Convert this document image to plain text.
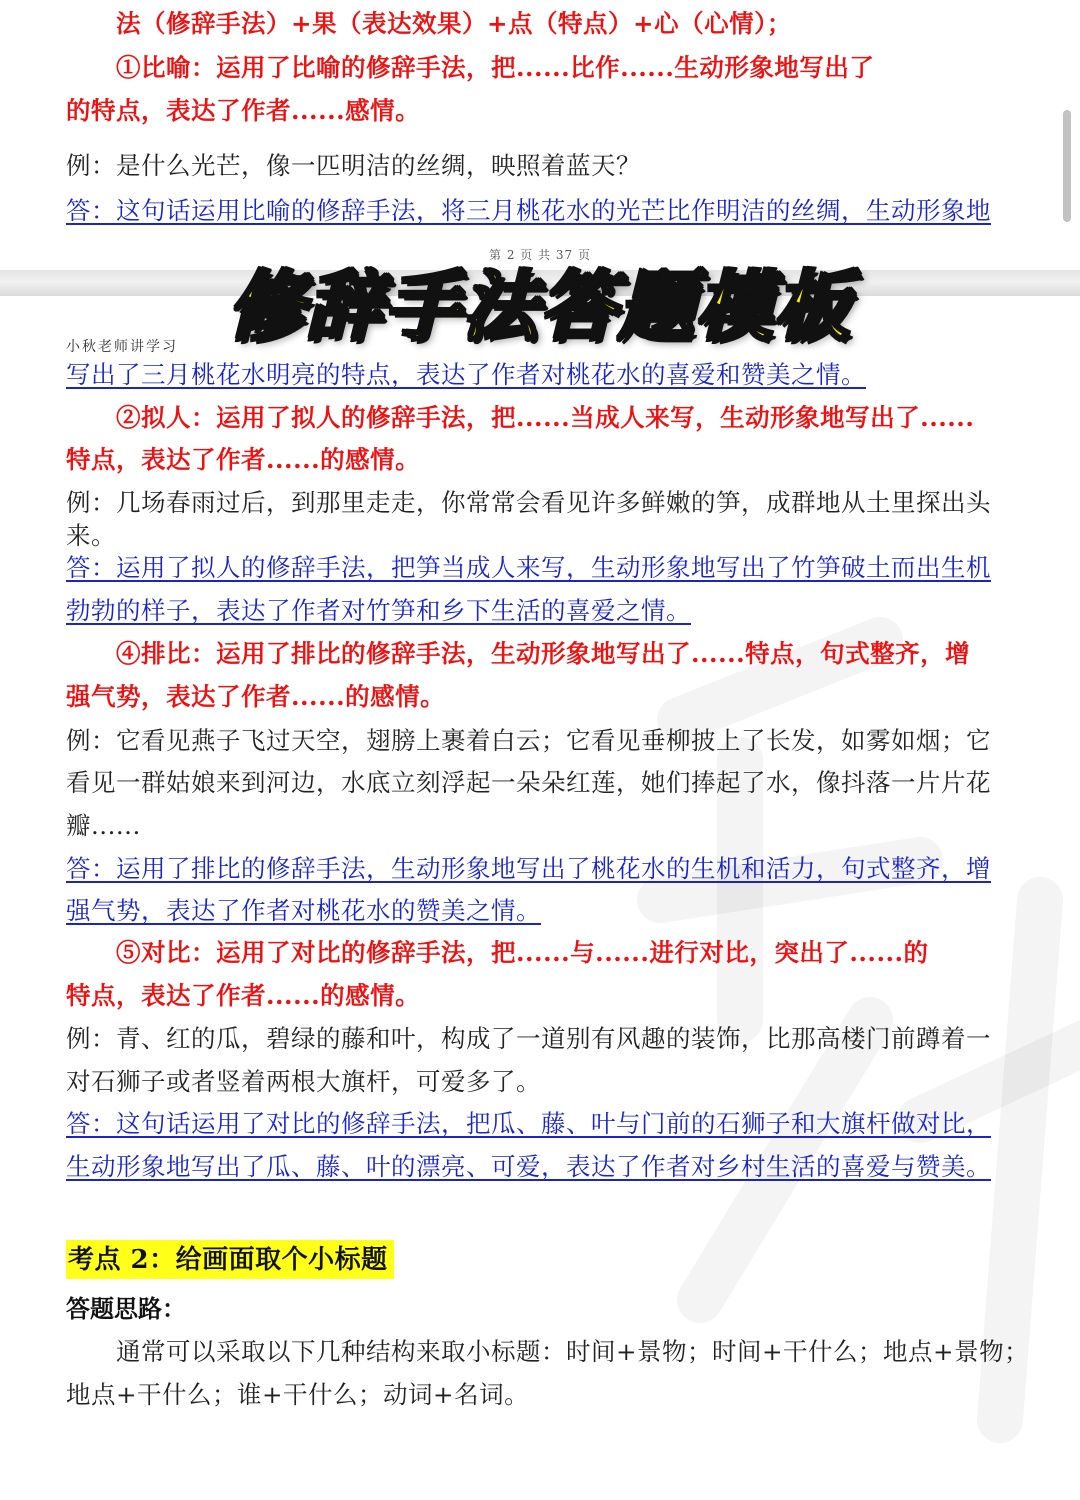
法（修辞手法）+果（表达效果）+点（特点）+心（心情）；
①比喻：运用了比喻的修辞手法，把......比作......生动形象地写出了
的特点，表达了作者......感情。
例：是什么光芒，像一匹明洁的丝绸，映照着蓝天？
答：这句话运用比喻的修辞手法，将三月桃花水的光芒比作明洁的丝绸，生动形象地
第 2 页 共 37 页
修辞手法答题模板
小秋老师讲学习
写出了三月桃花水明亮的特点，表达了作者对桃花水的喜爱和赞美之情。
②拟人：运用了拟人的修辞手法，把......当成人来写，生动形象地写出了......
特点，表达了作者......的感情。
例：几场春雨过后，到那里走走，你常常会看见许多鲜嫩的笋，成群地从土里探出头
来。
答：运用了拟人的修辞手法，把笋当成人来写，生动形象地写出了竹笋破土而出生机
勃勃的样子，表达了作者对竹笋和乡下生活的喜爱之情。
④排比：运用了排比的修辞手法，生动形象地写出了......特点，句式整齐，增
强气势，表达了作者......的感情。
例：它看见燕子飞过天空，翅膀上裹着白云；它看见垂柳披上了长发，如雾如烟；它
看见一群姑娘来到河边，水底立刻浮起一朵朵红莲，她们捧起了水，像抖落一片片花
瓣......
答：运用了排比的修辞手法，生动形象地写出了桃花水的生机和活力，句式整齐，增
强气势，表达了作者对桃花水的赞美之情。
⑤对比：运用了对比的修辞手法，把......与......进行对比，突出了......的
特点，表达了作者......的感情。
例：青、红的瓜，碧绿的藤和叶，构成了一道别有风趣的装饰，比那高楼门前蹲着一
对石狮子或者竖着两根大旗杆，可爱多了。
答：这句话运用了对比的修辞手法，把瓜、藤、叶与门前的石狮子和大旗杆做对比，
生动形象地写出了瓜、藤、叶的漂亮、可爱，表达了作者对乡村生活的喜爱与赞美。
考点 2：给画面取个小标题
答题思路：
通常可以采取以下几种结构来取小标题：时间+景物；时间+干什么；地点+景物；
地点+干什么；谁+干什么；动词+名词。
